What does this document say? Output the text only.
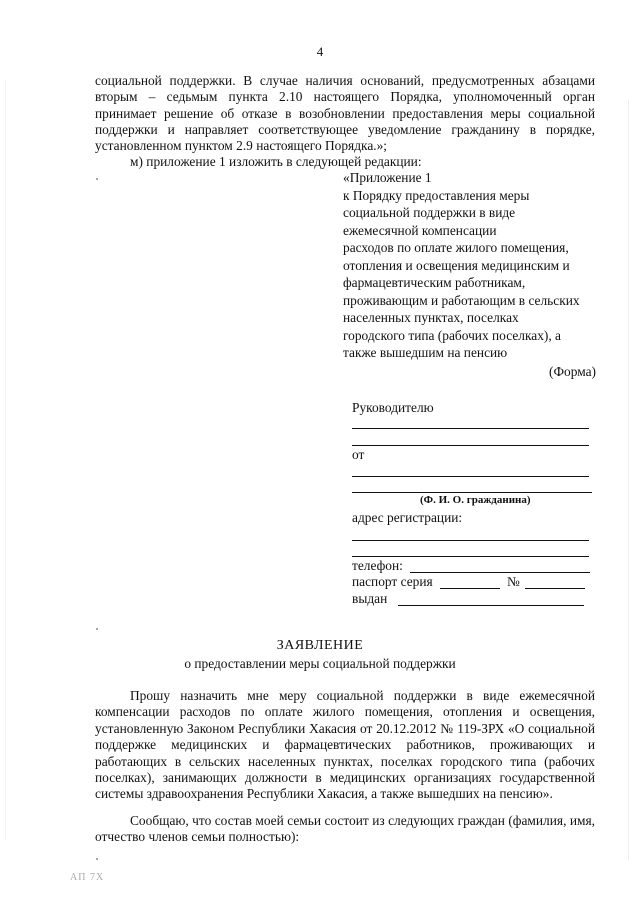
4
социальной поддержки. В случае наличия оснований, предусмотренных абзацами вторым – седьмым пункта 2.10 настоящего Порядка, уполномоченный орган принимает решение об отказе в возобновлении предоставления меры социальной поддержки и направляет соответствующее уведомление гражданину в порядке, установленном пунктом 2.9 настоящего Порядка.»;
м) приложение 1 изложить в следующей редакции:
«Приложение 1
к Порядку предоставления меры
социальной поддержки в виде
ежемесячной компенсации
расходов по оплате жилого помещения,
отопления и освещения медицинским и
фармацевтическим работникам,
проживающим и работающим в сельских
населенных пунктах, поселках
городского типа (рабочих поселках), а
также вышедшим на пенсию
(Форма)
Руководителю
от
(Ф. И. О. гражданина)
адрес регистрации:
телефон:
паспорт серия	№
выдан
ЗАЯВЛЕНИЕ
о предоставлении меры социальной поддержки
Прошу назначить мне меру социальной поддержки в виде ежемесячной компенсации расходов по оплате жилого помещения, отопления и освещения, установленную Законом Республики Хакасия от 20.12.2012 № 119-ЗРХ «О социальной поддержке медицинских и фармацевтических работников, проживающих и работающих в сельских населенных пунктах, поселках городского типа (рабочих поселках), занимающих должности в медицинских организациях государственной системы здравоохранения Республики Хакасия, а также вышедших на пенсию».
Сообщаю, что состав моей семьи состоит из следующих граждан (фамилия, имя, отчество членов семьи полностью):
АП 7Х
